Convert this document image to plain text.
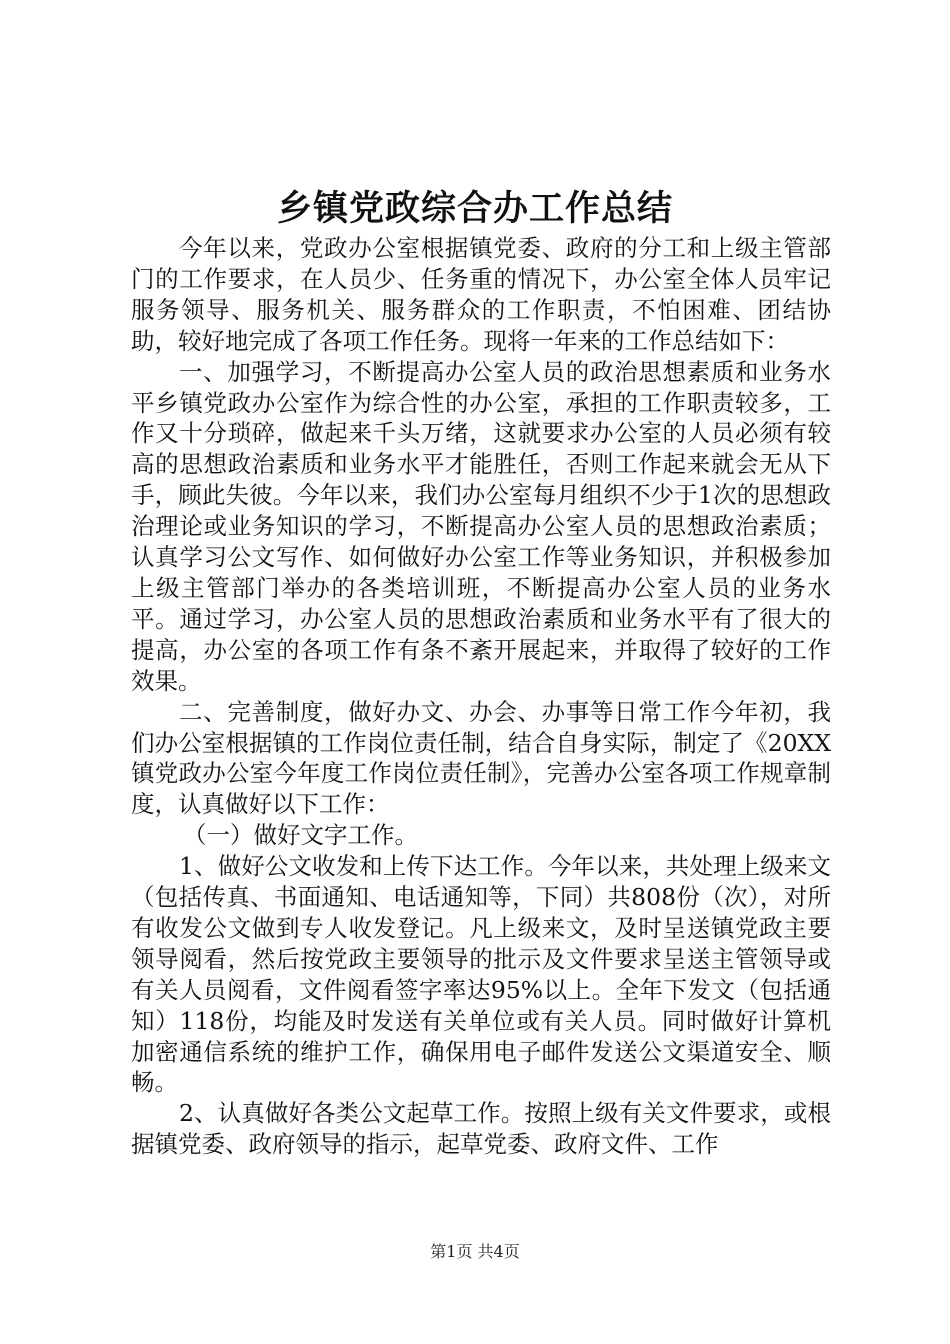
乡镇党政综合办工作总结

今年以来，党政办公室根据镇党委、政府的分工和上级主管部门的工作要求，在人员少、任务重的情况下，办公室全体人员牢记服务领导、服务机关、服务群众的工作职责，不怕困难、团结协助，较好地完成了各项工作任务。现将一年来的工作总结如下：

一、加强学习，不断提高办公室人员的政治思想素质和业务水平乡镇党政办公室作为综合性的办公室，承担的工作职责较多，工作又十分琐碎，做起来千头万绪，这就要求办公室的人员必须有较高的思想政治素质和业务水平才能胜任，否则工作起来就会无从下手，顾此失彼。今年以来，我们办公室每月组织不少于1次的思想政治理论或业务知识的学习，不断提高办公室人员的思想政治素质；认真学习公文写作、如何做好办公室工作等业务知识，并积极参加上级主管部门举办的各类培训班，不断提高办公室人员的业务水平。通过学习，办公室人员的思想政治素质和业务水平有了很大的提高，办公室的各项工作有条不紊开展起来，并取得了较好的工作效果。

二、完善制度，做好办文、办会、办事等日常工作今年初，我们办公室根据镇的工作岗位责任制，结合自身实际，制定了《20XX镇党政办公室今年度工作岗位责任制》，完善办公室各项工作规章制度，认真做好以下工作：

（一）做好文字工作。

1、做好公文收发和上传下达工作。今年以来，共处理上级来文（包括传真、书面通知、电话通知等，下同）共808份（次），对所有收发公文做到专人收发登记。凡上级来文，及时呈送镇党政主要领导阅看，然后按党政主要领导的批示及文件要求呈送主管领导或有关人员阅看，文件阅看签字率达95%以上。全年下发文（包括通知）118份，均能及时发送有关单位或有关人员。同时做好计算机加密通信系统的维护工作，确保用电子邮件发送公文渠道安全、顺畅。

2、认真做好各类公文起草工作。按照上级有关文件要求，或根据镇党委、政府领导的指示，起草党委、政府文件、工作

第1页 共4页
